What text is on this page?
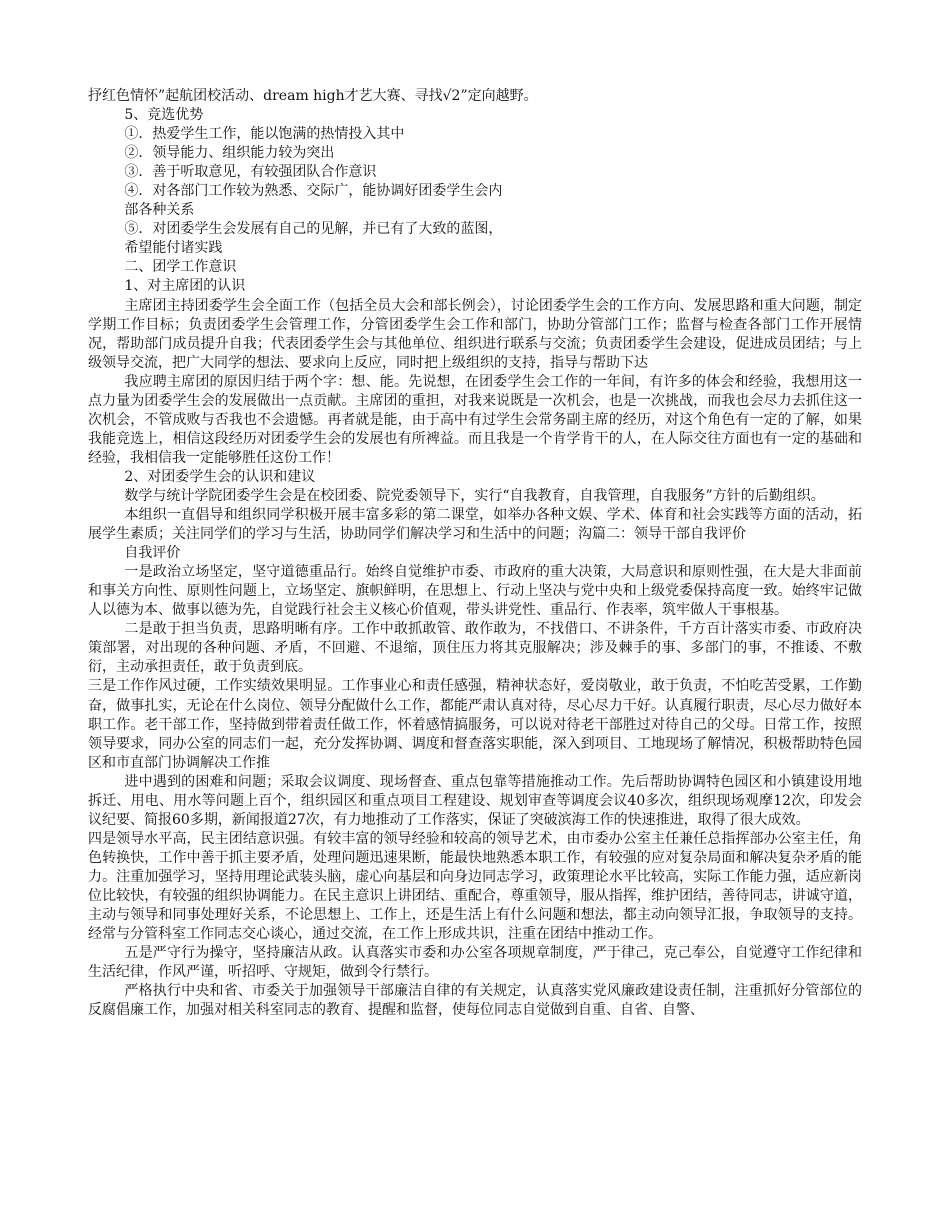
抒红色情怀”起航团校活动、dream high才艺大赛、寻找√2”定向越野。

5、竞选优势

①．热爱学生工作，能以饱满的热情投入其中

②．领导能力、组织能力较为突出

③．善于听取意见，有较强团队合作意识

④．对各部门工作较为熟悉、交际广，能协调好团委学生会内

部各种关系

⑤．对团委学生会发展有自己的见解，并已有了大致的蓝图，

希望能付诸实践

二、团学工作意识

1、对主席团的认识

主席团主持团委学生会全面工作（包括全员大会和部长例会），讨论团委学生会的工作方向、发展思路和重大问题，制定学期工作目标；负责团委学生会管理工作，分管团委学生会工作和部门，协助分管部门工作；监督与检查各部门工作开展情况，帮助部门成员提升自我；代表团委学生会与其他单位、组织进行联系与交流；负责团委学生会建设，促进成员团结；与上级领导交流，把广大同学的想法、要求向上反应，同时把上级组织的支持，指导与帮助下达

我应聘主席团的原因归结于两个字：想、能。先说想，在团委学生会工作的一年间，有许多的体会和经验，我想用这一点力量为团委学生会的发展做出一点贡献。主席团的重担，对我来说既是一次机会，也是一次挑战，而我也会尽力去抓住这一次机会，不管成败与否我也不会遗憾。再者就是能，由于高中有过学生会常务副主席的经历，对这个角色有一定的了解，如果我能竞选上，相信这段经历对团委学生会的发展也有所裨益。而且我是一个肯学肯干的人，在人际交往方面也有一定的基础和经验，我相信我一定能够胜任这份工作！

2、对团委学生会的认识和建议

数学与统计学院团委学生会是在校团委、院党委领导下，实行“自我教育，自我管理，自我服务”方针的后勤组织。

本组织一直倡导和组织同学积极开展丰富多彩的第二课堂，如举办各种文娱、学术、体育和社会实践等方面的活动，拓展学生素质；关注同学们的学习与生活，协助同学们解决学习和生活中的问题；沟篇二：领导干部自我评价

自我评价

一是政治立场坚定，坚守道德重品行。始终自觉维护市委、市政府的重大决策，大局意识和原则性强，在大是大非面前和事关方向性、原则性问题上，立场坚定、旗帜鲜明，在思想上、行动上坚决与党中央和上级党委保持高度一致。始终牢记做人以德为本、做事以德为先，自觉践行社会主义核心价值观，带头讲党性、重品行、作表率，筑牢做人干事根基。

二是敢于担当负责，思路明晰有序。工作中敢抓敢管、敢作敢为，不找借口、不讲条件，千方百计落实市委、市政府决策部署，对出现的各种问题、矛盾，不回避、不退缩，顶住压力将其克服解决；涉及棘手的事、多部门的事，不推诿、不敷衍，主动承担责任，敢于负责到底。

三是工作作风过硬，工作实绩效果明显。工作事业心和责任感强，精神状态好，爱岗敬业，敢于负责，不怕吃苦受累，工作勤奋，做事扎实，无论在什么岗位、领导分配做什么工作，都能严肃认真对待，尽心尽力干好。认真履行职责，尽心尽力做好本职工作。老干部工作，坚持做到带着责任做工作，怀着感情搞服务，可以说对待老干部胜过对待自己的父母。日常工作，按照领导要求，同办公室的同志们一起，充分发挥协调、调度和督查落实职能，深入到项目、工地现场了解情况，积极帮助特色园区和市直部门协调解决工作推

进中遇到的困难和问题；采取会议调度、现场督查、重点包靠等措施推动工作。先后帮助协调特色园区和小镇建设用地拆迁、用电、用水等问题上百个，组织园区和重点项目工程建设、规划审查等调度会议40多次，组织现场观摩12次，印发会议纪要、简报60多期，新闻报道27次，有力地推动了工作落实，保证了突破滨海工作的快速推进，取得了很大成效。

四是领导水平高，民主团结意识强。有较丰富的领导经验和较高的领导艺术，由市委办公室主任兼任总指挥部办公室主任，角色转换快，工作中善于抓主要矛盾，处理问题迅速果断，能最快地熟悉本职工作，有较强的应对复杂局面和解决复杂矛盾的能力。注重加强学习，坚持用理论武装头脑，虚心向基层和向身边同志学习，政策理论水平比较高，实际工作能力强，适应新岗位比较快，有较强的组织协调能力。在民主意识上讲团结、重配合，尊重领导，服从指挥，维护团结，善待同志，讲诚守道，主动与领导和同事处理好关系，不论思想上、工作上，还是生活上有什么问题和想法，都主动向领导汇报，争取领导的支持。经常与分管科室工作同志交心谈心，通过交流，在工作上形成共识，注重在团结中推动工作。

五是严守行为操守，坚持廉洁从政。认真落实市委和办公室各项规章制度，严于律己，克己奉公，自觉遵守工作纪律和生活纪律，作风严谨，听招呼、守规矩，做到令行禁行。

严格执行中央和省、市委关于加强领导干部廉洁自律的有关规定，认真落实党风廉政建设责任制，注重抓好分管部位的反腐倡廉工作，加强对相关科室同志的教育、提醒和监督，使每位同志自觉做到自重、自省、自警、
